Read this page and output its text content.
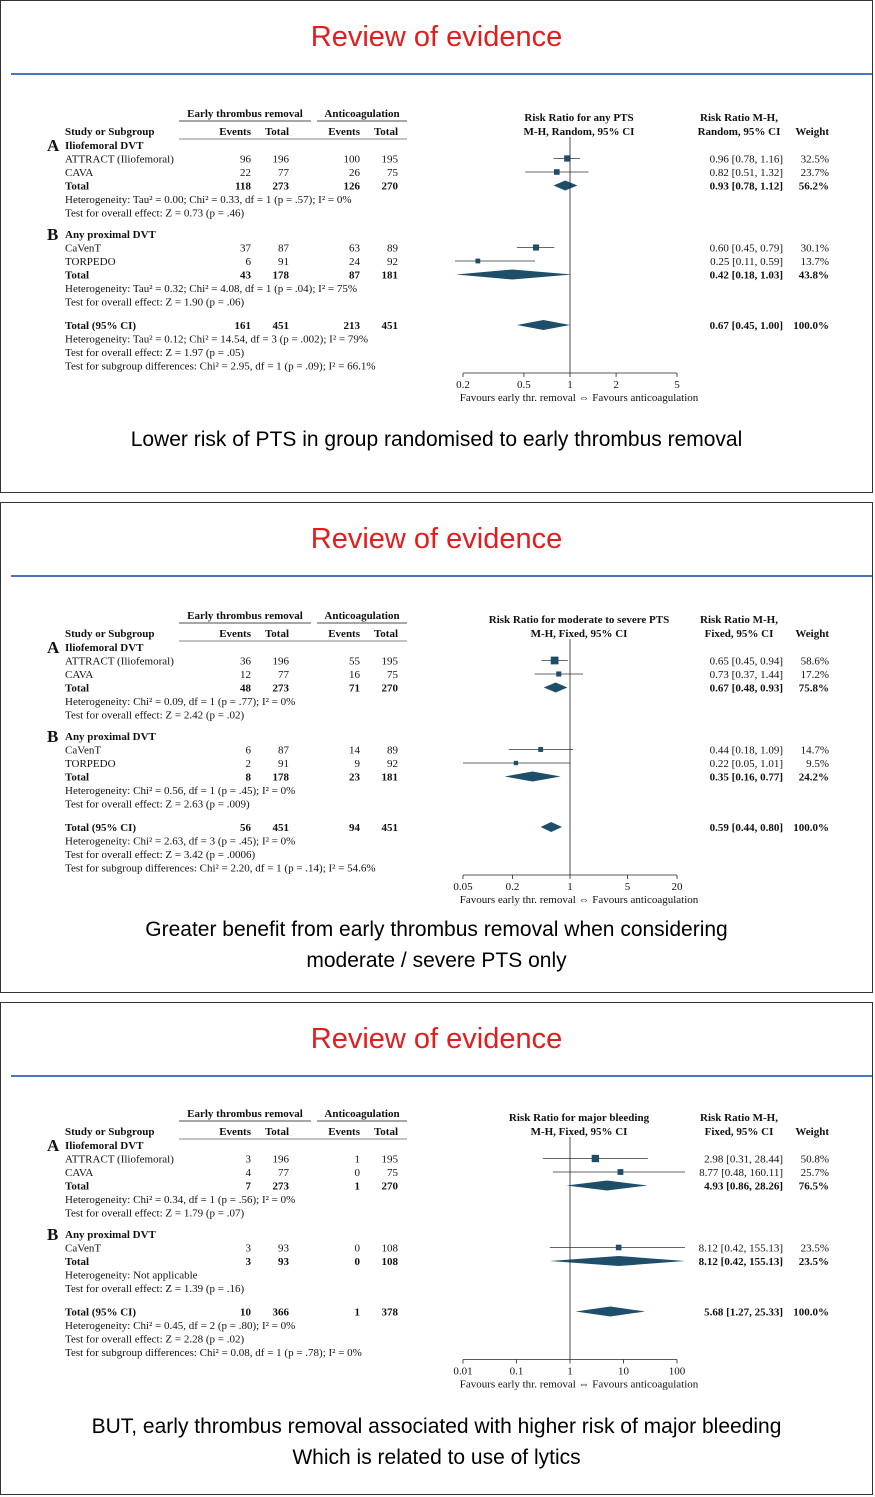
Review of evidence
Early thrombus removal Anticoagulation
Study or Subgroup	Events Total	Events Total
Risk Ratio for any PTS
M-H, Random, 95% CI
Risk Ratio M-H,
Random, 95% CI Weight
A Iliofemoral DVT
ATTRACT (Iliofemoral)	96 196	100 195	0.96 [0.78, 1.16] 32.5%
CAVA	22 77	26 75	0.82 [0.51, 1.32] 23.7%
Total	118 273	126 270	0.93 [0.78, 1.12] 56.2%
Heterogeneity: Tau² = 0.00; Chi² = 0.33, df = 1 (p = .57); I² = 0%
Test for overall effect: Z = 0.73 (p = .46)
B Any proximal DVT
CaVenT	37 87	63 89	0.60 [0.45, 0.79] 30.1%
TORPEDO	6 91	24 92	0.25 [0.11, 0.59] 13.7%
Total	43 178	87 181	0.42 [0.18, 1.03] 43.8%
Heterogeneity: Tau² = 0.32; Chi² = 4.08, df = 1 (p = .04); I² = 75%
Test for overall effect: Z = 1.90 (p = .06)
Total (95% CI)	161 451	213 451	0.67 [0.45, 1.00] 100.0%
Heterogeneity: Tau² = 0.12; Chi² = 14.54, df = 3 (p = .002); I² = 79%
Test for overall effect: Z = 1.97 (p = .05)
Test for subgroup differences: Chi² = 2.95, df = 1 (p = .09); I² = 66.1%
0.2	0.5	1	2	5
Favours early thr. removal ⇔ Favours anticoagulation
Lower risk of PTS in group randomised to early thrombus removal
Review of evidence
Early thrombus removal Anticoagulation
Study or Subgroup	Events Total	Events Total
Risk Ratio for moderate to severe PTS
M-H, Fixed, 95% CI
Risk Ratio M-H,
Fixed, 95% CI Weight
A Iliofemoral DVT
ATTRACT (Iliofemoral)	36 196	55 195	0.65 [0.45, 0.94] 58.6%
CAVA	12 77	16 75	0.73 [0.37, 1.44] 17.2%
Total	48 273	71 270	0.67 [0.48, 0.93] 75.8%
Heterogeneity: Chi² = 0.09, df = 1 (p = .77); I² = 0%
Test for overall effect: Z = 2.42 (p = .02)
B Any proximal DVT
CaVenT	6 87	14 89	0.44 [0.18, 1.09] 14.7%
TORPEDO	2 91	9 92	0.22 [0.05, 1.01] 9.5%
Total	8 178	23 181	0.35 [0.16, 0.77] 24.2%
Heterogeneity: Chi² = 0.56, df = 1 (p = .45); I² = 0%
Test for overall effect: Z = 2.63 (p = .009)
Total (95% CI)	56 451	94 451	0.59 [0.44, 0.80] 100.0%
Heterogeneity: Chi² = 2.63, df = 3 (p = .45); I² = 0%
Test for overall effect: Z = 3.42 (p = .0006)
Test for subgroup differences: Chi² = 2.20, df = 1 (p = .14); I² = 54.6%
0.05	0.2	1	5	20
Favours early thr. removal ⇔ Favours anticoagulation
Greater benefit from early thrombus removal when considering
moderate / severe PTS only
Review of evidence
Early thrombus removal Anticoagulation
Study or Subgroup	Events Total	Events Total
Risk Ratio for major bleeding
M-H, Fixed, 95% CI
Risk Ratio M-H,
Fixed, 95% CI Weight
A Iliofemoral DVT
ATTRACT (Iliofemoral)	3 196	1 195	2.98 [0.31, 28.44] 50.8%
CAVA	4 77	0 75	8.77 [0.48, 160.11] 25.7%
Total	7 273	1 270	4.93 [0.86, 28.26] 76.5%
Heterogeneity: Chi² = 0.34, df = 1 (p = .56); I² = 0%
Test for overall effect: Z = 1.79 (p = .07)
B Any proximal DVT
CaVenT	3 93	0 108	8.12 [0.42, 155.13] 23.5%
Total	3 93	0 108	8.12 [0.42, 155.13] 23.5%
Heterogeneity: Not applicable
Test for overall effect: Z = 1.39 (p = .16)
Total (95% CI)	10 366	1 378	5.68 [1.27, 25.33] 100.0%
Heterogeneity: Chi² = 0.45, df = 2 (p = .80); I² = 0%
Test for overall effect: Z = 2.28 (p = .02)
Test for subgroup differences: Chi² = 0.08, df = 1 (p = .78); I² = 0%
0.01	0.1	1	10	100
Favours early thr. removal ⇔ Favours anticoagulation
BUT, early thrombus removal associated with higher risk of major bleeding
Which is related to use of lytics
